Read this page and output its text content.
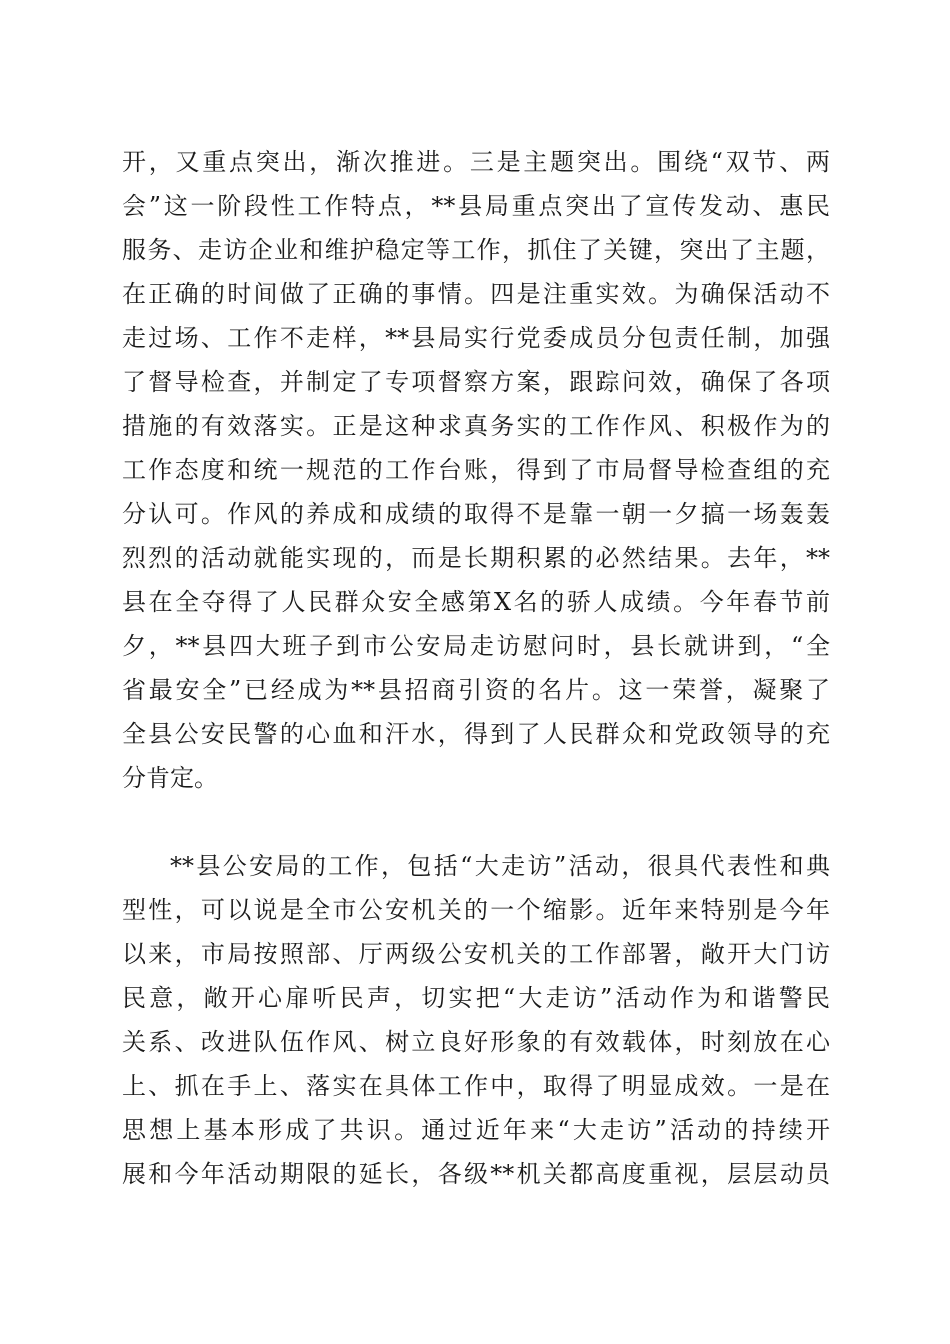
开，又重点突出，渐次推进。三是主题突出。围绕“双节、两
会”这一阶段性工作特点，**县局重点突出了宣传发动、惠民
服务、走访企业和维护稳定等工作，抓住了关键，突出了主题，
在正确的时间做了正确的事情。四是注重实效。为确保活动不
走过场、工作不走样，**县局实行党委成员分包责任制，加强
了督导检查，并制定了专项督察方案，跟踪问效，确保了各项
措施的有效落实。正是这种求真务实的工作作风、积极作为的
工作态度和统一规范的工作台账，得到了市局督导检查组的充
分认可。作风的养成和成绩的取得不是靠一朝一夕搞一场轰轰
烈烈的活动就能实现的，而是长期积累的必然结果。去年，**
县在全夺得了人民群众安全感第X名的骄人成绩。今年春节前
夕，**县四大班子到市公安局走访慰问时，县长就讲到，“全
省最安全”已经成为**县招商引资的名片。这一荣誉，凝聚了
全县公安民警的心血和汗水，得到了人民群众和党政领导的充
分肯定。
**县公安局的工作，包括“大走访”活动，很具代表性和典
型性，可以说是全市公安机关的一个缩影。近年来特别是今年
以来，市局按照部、厅两级公安机关的工作部署，敞开大门访
民意，敞开心扉听民声，切实把“大走访”活动作为和谐警民
关系、改进队伍作风、树立良好形象的有效载体，时刻放在心
上、抓在手上、落实在具体工作中，取得了明显成效。一是在
思想上基本形成了共识。通过近年来“大走访”活动的持续开
展和今年活动期限的延长，各级**机关都高度重视，层层动员
